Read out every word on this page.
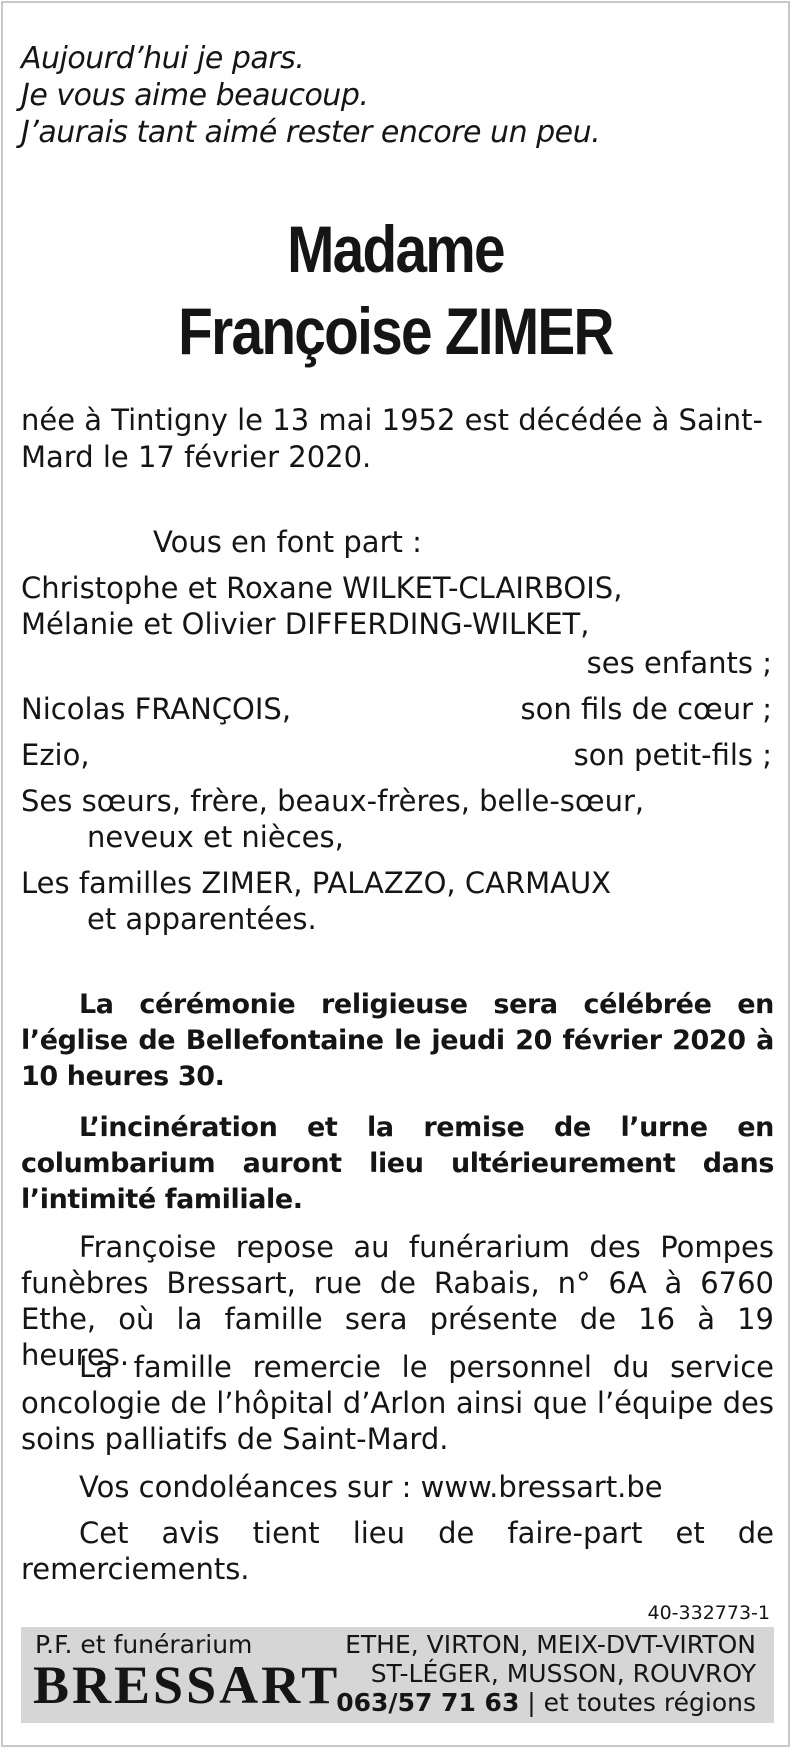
Aujourd’hui je pars.
Je vous aime beaucoup.
J’aurais tant aimé rester encore un peu.
Madame
Françoise ZIMER
née à Tintigny le 13 mai 1952 est décédée à Saint-
Mard le 17 février 2020.
Vous en font part :
Christophe et Roxane WILKET-CLAIRBOIS,
Mélanie et Olivier DIFFERDING-WILKET,
ses enfants ;
Nicolas FRANÇOIS,	son fils de cœur ;
Ezio,	son petit-fils ;
Ses sœurs, frère, beaux-frères, belle-sœur,
neveux et nièces,
Les familles ZIMER, PALAZZO, CARMAUX
et apparentées.
La cérémonie religieuse sera célébrée en l’église de Bellefontaine le jeudi 20 février 2020 à 10 heures 30.
L’incinération et la remise de l’urne en columbarium auront lieu ultérieurement dans l’intimité familiale.
Françoise repose au funérarium des Pompes funèbres Bressart, rue de Rabais, n° 6A à 6760 Ethe, où la famille sera présente de 16 à 19 heures.
La famille remercie le personnel du service oncologie de l’hôpital d’Arlon ainsi que l’équipe des soins palliatifs de Saint-Mard.
Vos condoléances sur : www.bressart.be
Cet avis tient lieu de faire-part et de remerciements.
40-332773-1
P.F. et funérarium
BRESSART
ETHE, VIRTON, MEIX-DVT-VIRTON
ST-LÉGER, MUSSON, ROUVROY
063/57 71 63 | et toutes régions
